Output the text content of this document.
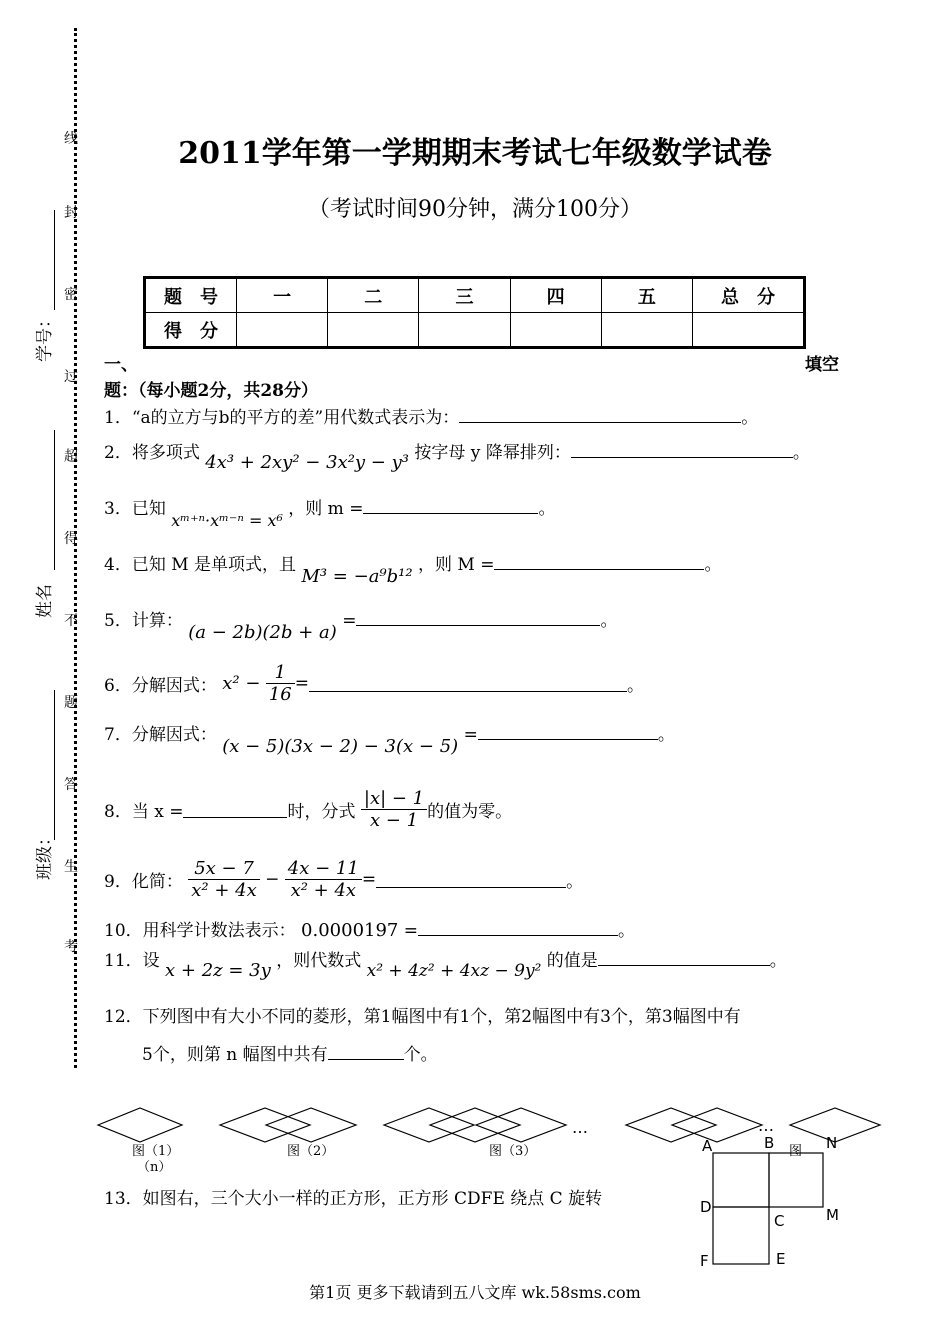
线
封
密
过
超
得
不
题
答
生
考
学号：
姓名
班级：
2011学年第一学期期末考试七年级数学试卷
（考试时间90分钟，满分100分）
题　号	一	二	三	四	五	总　分
得　分						
一、	填空
题：（每小题2分，共28分）
1．“a的立方与b的平方的差”用代数式表示为：	。
2．将多项式 4x³ + 2xy² − 3x²y − y³ 按字母 y 降幂排列：	。
3．已知 xᵐ⁺ⁿ·xᵐ⁻ⁿ = x⁶ ，则 m =	。
4．已知 M 是单项式，且 M³ = −a⁹b¹² ，则 M =	。
5．计算： (a − 2b)(2b + a) =	。
6．分解因式： $x^2 - \frac{1}{16}$ =	。
7．分解因式： (x − 5)(3x − 2) − 3(x − 5) =	。
8．当 x =	时，分式 $\frac{|x| - 1}{x - 1}$ 的值为零。
9．化简： $\frac{5x - 7}{\text{x² + 4x}} - \frac{4x - 11}{\text{x² + 4x}}$ =	。
10．用科学计数法表示： 0.0000197 =	。
11．设 x + 2z = 3y ，则代数式 x² + 4z² + 4xz − 9y² 的值是	。
12．下列图中有大小不同的菱形，第1幅图中有1个，第2幅图中有3个，第3幅图中有
5个，则第 n 幅图中共有	个。
…	…
图（1）
（n）
图（2）	图（3）	图
13．如图右，三个大小一样的正方形，正方形 CDFE 绕点 C 旋转
A	B	N
D
C	M
F	E
第1页 更多下载请到五八文库 wk.58sms.com
